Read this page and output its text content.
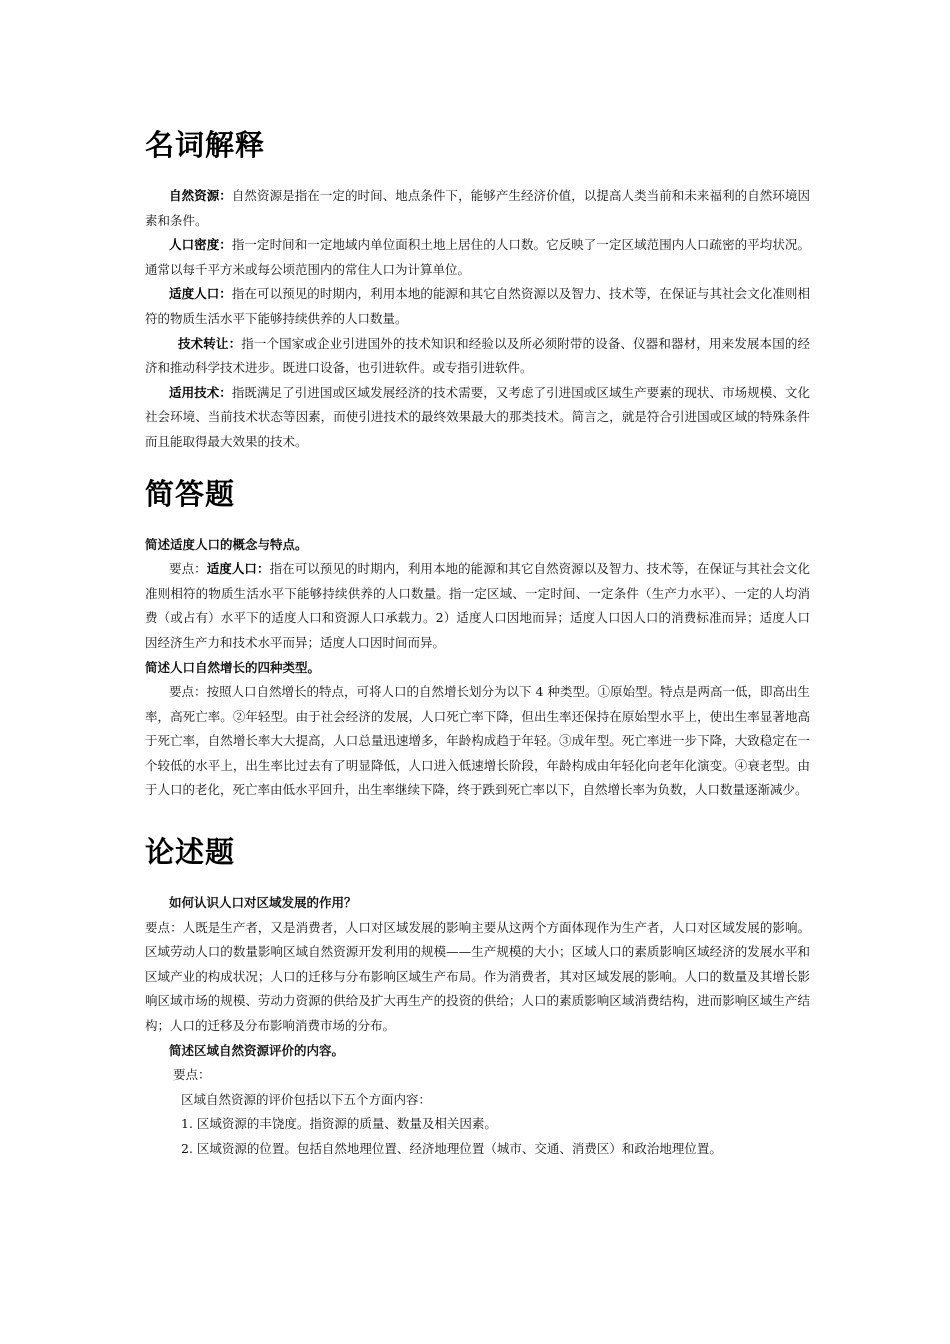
名词解释

自然资源：自然资源是指在一定的时间、地点条件下，能够产生经济价值，以提高人类当前和未来福利的自然环境因素和条件。

人口密度：指一定时间和一定地域内单位面积土地上居住的人口数。它反映了一定区域范围内人口疏密的平均状况。通常以每千平方米或每公顷范围内的常住人口为计算单位。

适度人口：指在可以预见的时期内，利用本地的能源和其它自然资源以及智力、技术等，在保证与其社会文化准则相符的物质生活水平下能够持续供养的人口数量。

技术转让：指一个国家或企业引进国外的技术知识和经验以及所必须附带的设备、仪器和器材，用来发展本国的经济和推动科学技术进步。既进口设备，也引进软件。或专指引进软件。

适用技术：指既满足了引进国或区域发展经济的技术需要，又考虑了引进国或区域生产要素的现状、市场规模、文化社会环境、当前技术状态等因素，而使引进技术的最终效果最大的那类技术。简言之，就是符合引进国或区域的特殊条件而且能取得最大效果的技术。

简答题

简述适度人口的概念与特点。

要点：适度人口：指在可以预见的时期内，利用本地的能源和其它自然资源以及智力、技术等，在保证与其社会文化准则相符的物质生活水平下能够持续供养的人口数量。指一定区域、一定时间、一定条件（生产力水平）、一定的人均消费（或占有）水平下的适度人口和资源人口承载力。2）适度人口因地而异；适度人口因人口的消费标准而异；适度人口因经济生产力和技术水平而异；适度人口因时间而异。

简述人口自然增长的四种类型。

要点：按照人口自然增长的特点，可将人口的自然增长划分为以下 4 种类型。①原始型。特点是两高一低，即高出生率，高死亡率。②年轻型。由于社会经济的发展，人口死亡率下降，但出生率还保持在原始型水平上，使出生率显著地高于死亡率，自然增长率大大提高，人口总量迅速增多，年龄构成趋于年轻。③成年型。死亡率进一步下降，大致稳定在一个较低的水平上，出生率比过去有了明显降低，人口进入低速增长阶段，年龄构成由年轻化向老年化演变。④衰老型。由于人口的老化，死亡率由低水平回升，出生率继续下降，终于跌到死亡率以下，自然增长率为负数，人口数量逐渐减少。

论述题

如何认识人口对区域发展的作用？

要点：人既是生产者，又是消费者，人口对区域发展的影响主要从这两个方面体现作为生产者，人口对区域发展的影响。区域劳动人口的数量影响区域自然资源开发利用的规模——生产规模的大小；区域人口的素质影响区域经济的发展水平和区域产业的构成状况；人口的迁移与分布影响区域生产布局。作为消费者，其对区域发展的影响。人口的数量及其增长影响区域市场的规模、劳动力资源的供给及扩大再生产的投资的供给；人口的素质影响区域消费结构，进而影响区域生产结构；人口的迁移及分布影响消费市场的分布。

简述区域自然资源评价的内容。

要点：

区域自然资源的评价包括以下五个方面内容：

1. 区域资源的丰饶度。指资源的质量、数量及相关因素。

2. 区域资源的位置。包括自然地理位置、经济地理位置（城市、交通、消费区）和政治地理位置。
